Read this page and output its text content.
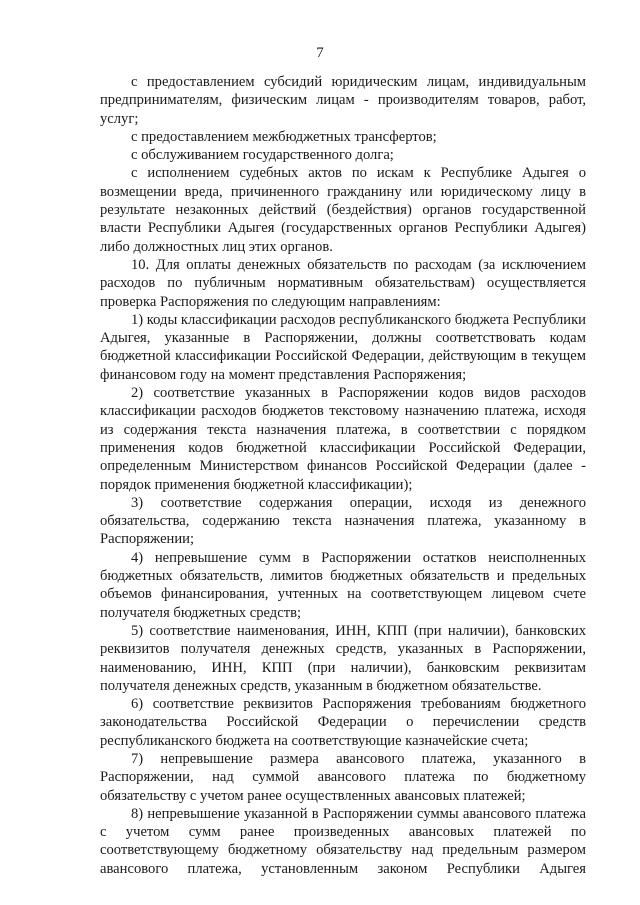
7

с предоставлением субсидий юридическим лицам, индивидуальным предпринимателям, физическим лицам - производителям товаров, работ, услуг;

с предоставлением межбюджетных трансфертов;

с обслуживанием государственного долга;

с исполнением судебных актов по искам к Республике Адыгея о возмещении вреда, причиненного гражданину или юридическому лицу в результате незаконных действий (бездействия) органов государственной власти Республики Адыгея (государственных органов Республики Адыгея) либо должностных лиц этих органов.

10. Для оплаты денежных обязательств по расходам (за исключением расходов по публичным нормативным обязательствам) осуществляется проверка Распоряжения по следующим направлениям:

1) коды классификации расходов республиканского бюджета Республики Адыгея, указанные в Распоряжении, должны соответствовать кодам бюджетной классификации Российской Федерации, действующим в текущем финансовом году на момент представления Распоряжения;

2) соответствие указанных в Распоряжении кодов видов расходов классификации расходов бюджетов текстовому назначению платежа, исходя из содержания текста назначения платежа, в соответствии с порядком применения кодов бюджетной классификации Российской Федерации, определенным Министерством финансов Российской Федерации (далее - порядок применения бюджетной классификации);

3) соответствие содержания операции, исходя из денежного обязательства, содержанию текста назначения платежа, указанному в Распоряжении;

4) непревышение сумм в Распоряжении остатков неисполненных бюджетных обязательств, лимитов бюджетных обязательств и предельных объемов финансирования, учтенных на соответствующем лицевом счете получателя бюджетных средств;

5) соответствие наименования, ИНН, КПП (при наличии), банковских реквизитов получателя денежных средств, указанных в Распоряжении, наименованию, ИНН, КПП (при наличии), банковским реквизитам получателя денежных средств, указанным в бюджетном обязательстве.

6) соответствие реквизитов Распоряжения требованиям бюджетного законодательства Российской Федерации о перечислении средств республиканского бюджета на соответствующие казначейские счета;

7) непревышение размера авансового платежа, указанного в Распоряжении, над суммой авансового платежа по бюджетному обязательству с учетом ранее осуществленных авансовых платежей;

8) непревышение указанной в Распоряжении суммы авансового платежа с учетом сумм ранее произведенных авансовых платежей по соответствующему бюджетному обязательству над предельным размером авансового платежа, установленным законом Республики Адыгея
